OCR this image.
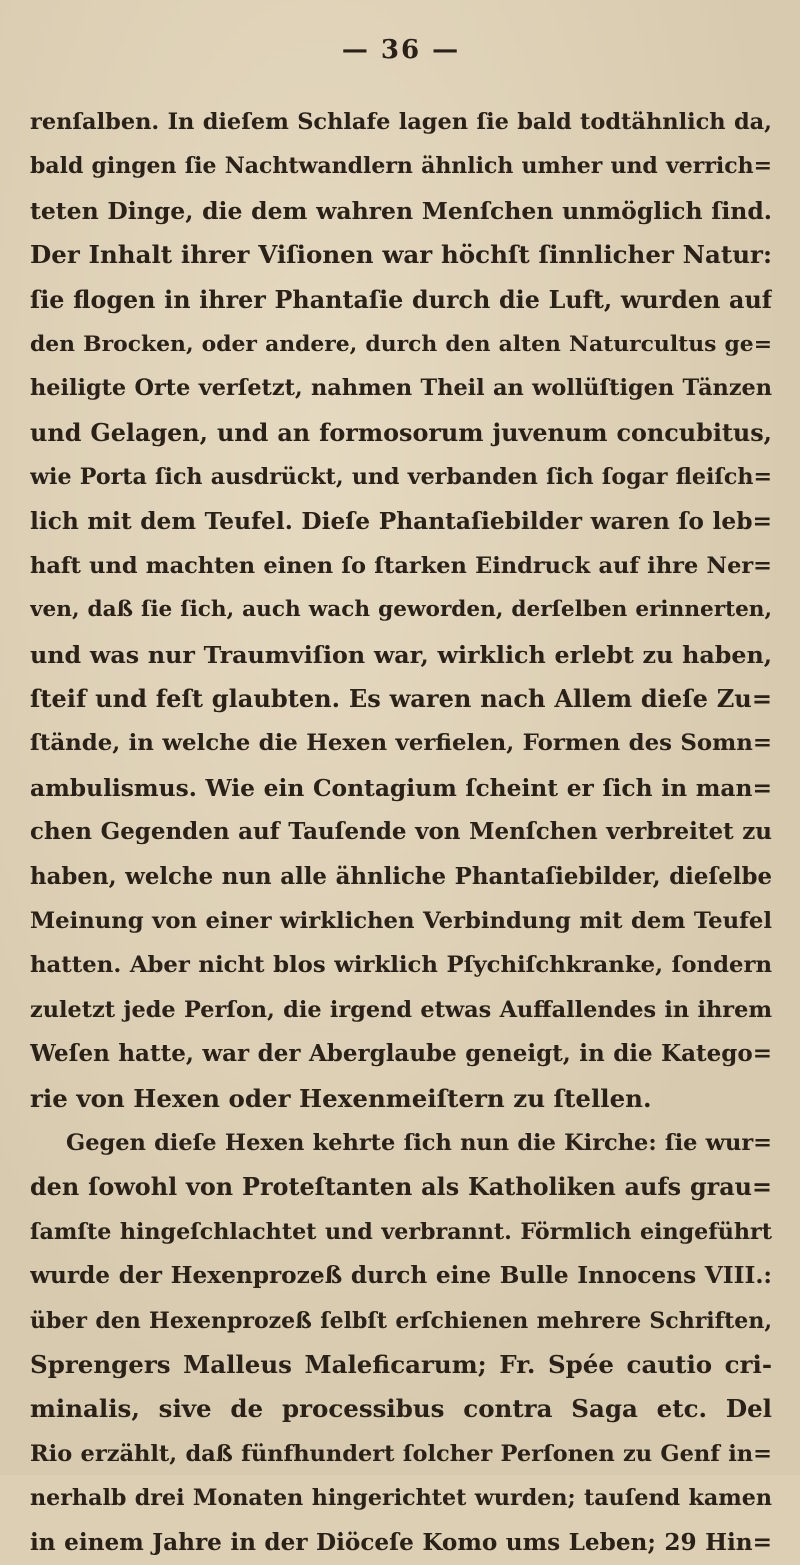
— 36 —
renſalben. In dieſem Schlafe lagen ſie bald todtähnlich da,
bald gingen ſie Nachtwandlern ähnlich umher und verrich=
teten Dinge, die dem wahren Menſchen unmöglich ſind.
Der Inhalt ihrer Viſionen war höchſt ſinnlicher Natur:
ſie flogen in ihrer Phantaſie durch die Luft, wurden auf
den Brocken, oder andere, durch den alten Naturcultus ge=
heiligte Orte verſetzt, nahmen Theil an wollüſtigen Tänzen
und Gelagen, und an formosorum juvenum concubitus,
wie Porta ſich ausdrückt, und verbanden ſich ſogar fleiſch=
lich mit dem Teufel. Dieſe Phantaſiebilder waren ſo leb=
haft und machten einen ſo ſtarken Eindruck auf ihre Ner=
ven, daß ſie ſich, auch wach geworden, derſelben erinnerten,
und was nur Traumviſion war, wirklich erlebt zu haben,
ſteif und feſt glaubten. Es waren nach Allem dieſe Zu=
ſtände, in welche die Hexen verfielen, Formen des Somn=
ambulismus. Wie ein Contagium ſcheint er ſich in man=
chen Gegenden auf Tauſende von Menſchen verbreitet zu
haben, welche nun alle ähnliche Phantaſiebilder, dieſelbe
Meinung von einer wirklichen Verbindung mit dem Teufel
hatten. Aber nicht blos wirklich Pſychiſchkranke, ſondern
zuletzt jede Perſon, die irgend etwas Auffallendes in ihrem
Weſen hatte, war der Aberglaube geneigt, in die Katego=
rie von Hexen oder Hexenmeiſtern zu ſtellen.
Gegen dieſe Hexen kehrte ſich nun die Kirche: ſie wur=
den ſowohl von Proteſtanten als Katholiken aufs grau=
ſamſte hingeſchlachtet und verbrannt. Förmlich eingeführt
wurde der Hexenprozeß durch eine Bulle Innocens VIII.:
über den Hexenprozeß ſelbſt erſchienen mehrere Schriften,
Sprengers Malleus Maleficarum; Fr. Spée cautio cri-
minalis, sive de processibus contra Saga etc. Del
Rio erzählt, daß fünfhundert ſolcher Perſonen zu Genf in=
nerhalb drei Monaten hingerichtet wurden; tauſend kamen
in einem Jahre in der Diöceſe Komo ums Leben; 29 Hin=
